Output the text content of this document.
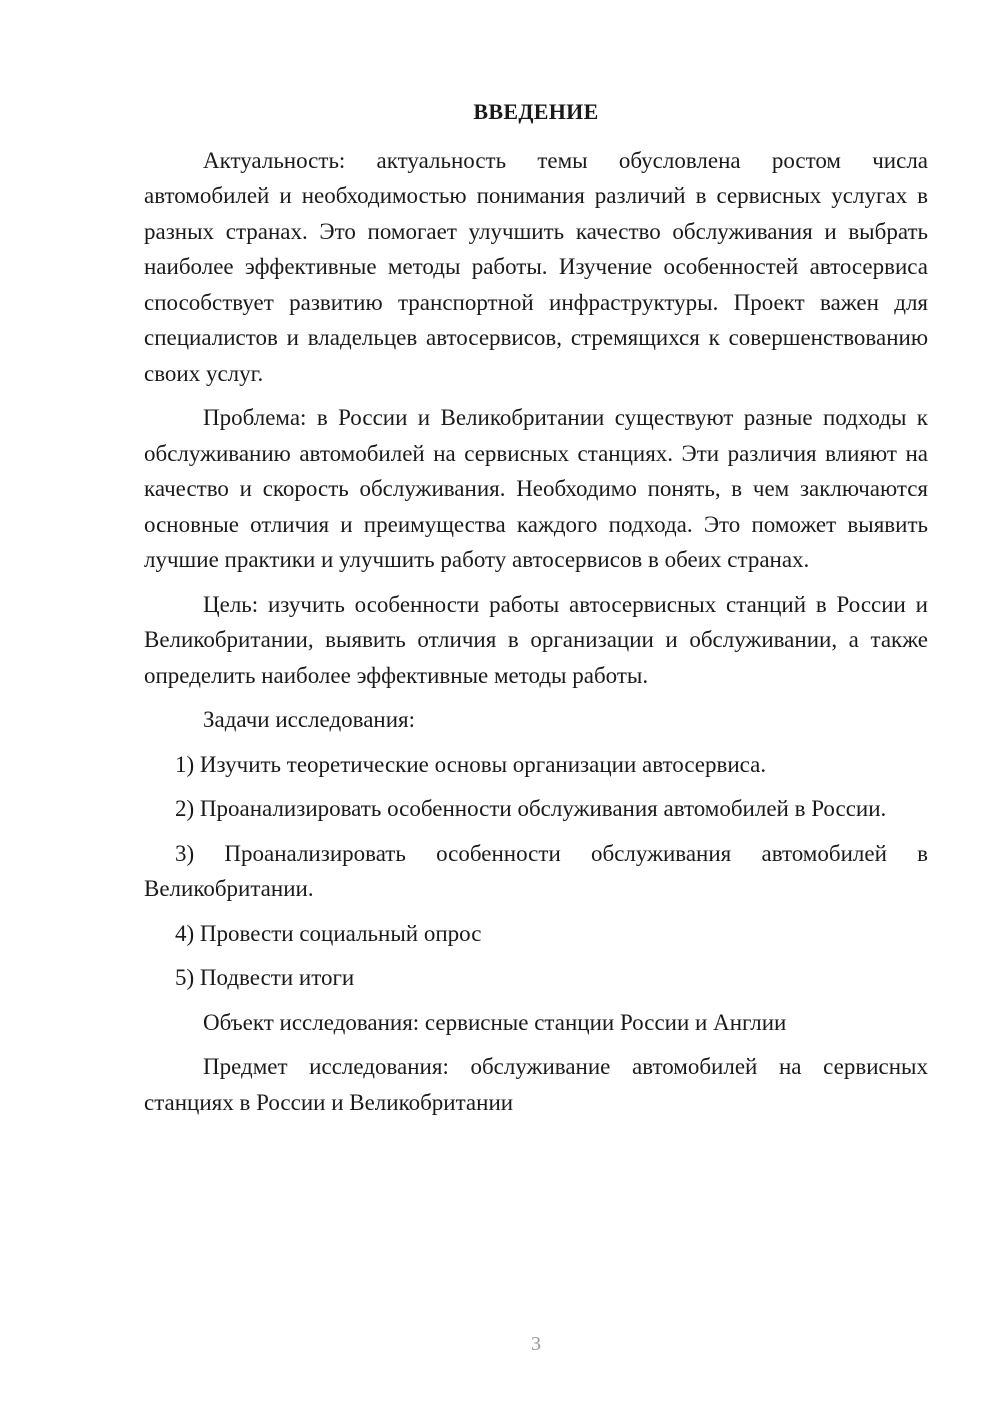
ВВЕДЕНИЕ

Актуальность: актуальность темы обусловлена ростом числа автомобилей и необходимостью понимания различий в сервисных услугах в разных странах. Это помогает улучшить качество обслуживания и выбрать наиболее эффективные методы работы. Изучение особенностей автосервиса способствует развитию транспортной инфраструктуры. Проект важен для специалистов и владельцев автосервисов, стремящихся к совершенствованию своих услуг.

Проблема: в России и Великобритании существуют разные подходы к обслуживанию автомобилей на сервисных станциях. Эти различия влияют на качество и скорость обслуживания. Необходимо понять, в чем заключаются основные отличия и преимущества каждого подхода. Это поможет выявить лучшие практики и улучшить работу автосервисов в обеих странах.

Цель: изучить особенности работы автосервисных станций в России и Великобритании, выявить отличия в организации и обслуживании, а также определить наиболее эффективные методы работы.

Задачи исследования:

1) Изучить теоретические основы организации автосервиса.

2) Проанализировать особенности обслуживания автомобилей в России.

3) Проанализировать особенности обслуживания автомобилей в Великобритании.

4) Провести социальный опрос

5) Подвести итоги

Объект исследования: сервисные станции России и Англии

Предмет исследования: обслуживание автомобилей на сервисных станциях в России и Великобритании

3
